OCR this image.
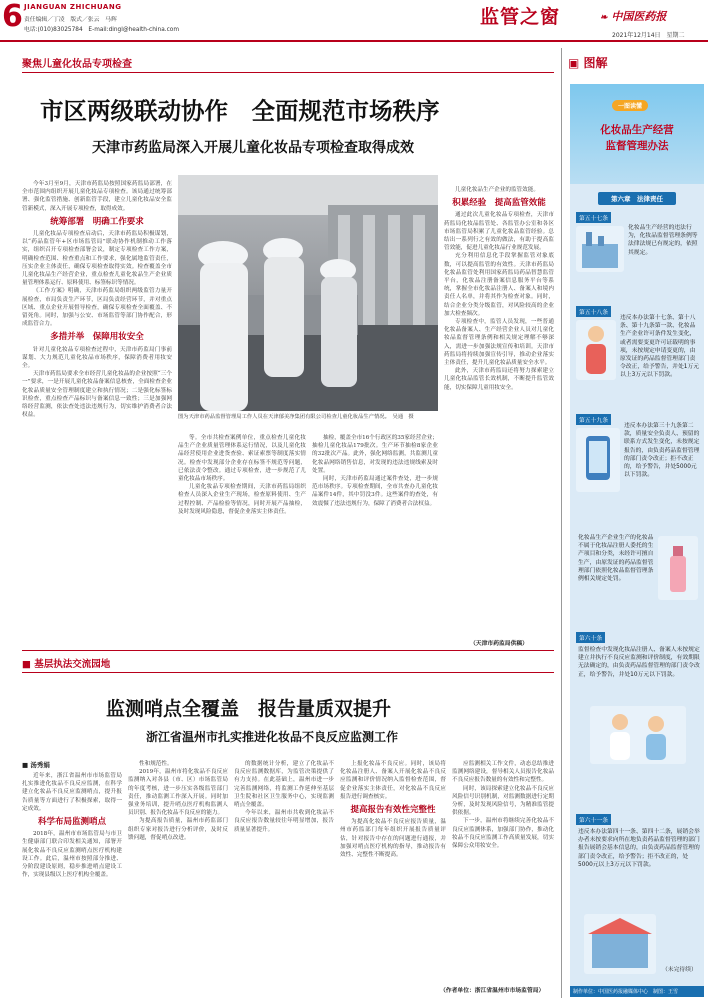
6 JIANGUAN ZHICHUANG
责任编辑／丁凌　版式／张云　马辉
电话:(010)83025784　E-mail:dingl@health-china.com
监管之窗	❧ 中国医药报
2021年12月14日　星期二
聚焦儿童化妆品专项检查
市区两级联动协作　全面规范市场秩序
天津市药监局深入开展儿童化妆品专项检查取得成效

今年3月至9月，天津市药监局按照国家药监局部署，在全市范围内组织开展儿童化妆品专项检查。该局通过统筹部署、强化监管措施、创新监管手段，建立儿童化妆品安全监管新模式，深入开展专项检查，取得成效。

统筹部署　明确工作要求

儿童化妆品专项检查启动后，天津市药监局积极谋划，以“药品监管年+区市场监管局”联动协作机制推动工作落实，组织召开专项检查部署会议，制定专项检查工作方案，明确检查范围、检查重点和工作要求，强化属地监管责任，压实企业主体责任，确保专项检查取得实效。检查覆盖全市儿童化妆品生产经营企业，重点检查儿童化妆品生产企业质量管理体系运行、原料使用、标签标识等情况。

《工作方案》明确，天津市药监局组织两级监管力量开展检查，市局负责生产环节，区局负责经营环节，并对重点区域、重点企业开展督导检查，确保专项检查全面覆盖、不留死角。同时，加强与公安、市场监管等部门协作配合，形成监管合力。

多措并举　保障用妆安全

针对儿童化妆品专项检查过程中，天津市药监局门事前谋划、大力规范儿童化妆品市场秩序，保障消费者用妆安全。

天津市药监局要求全市经营儿童化妆品的企业按照“三个一”要求，一是开展儿童化妆品备案信息核查，全面检查企业化妆品质量安全管理制度建立和执行情况；二是强化标签标识检查，重点检查产品标识与备案信息一致性；三是加强网络经营监测，依法查处违法违规行为，切实维护消费者合法权益。	图为天津市药品监督管理局工作人员在天津郁美净集团有限公司检查儿童化妆品生产情况。　吴通　摄

等。全市共检查案例单位，重点检查儿童化妆品生产企业质量管理体系运行情况，以及儿童化妆品经营使用企业进货查验、索证索票等制度落实情况。检查中发现部分企业存在标签不规范等问题，已依法责令整改。通过专项检查，进一步规范了儿童化妆品市场秩序。

儿童化妆品专项检查期间，天津市药监局组织检查人员深入企业生产现场，检查原料使用、生产过程控制、产品检验等情况，同时开展产品抽检，及时发现风险隐患，督促企业落实主体责任。

抽检，覆盖全市16个行政区的35家经营企业；抽检儿童化妆品179批次。生产环节抽检8家企业的32批次产品。此外，强化网络监测，共监测儿童化妆品网络销售信息，对发现的违法违规线索及时处置。

同时，天津市药监局通过案件查处，进一步规范市场秩序。专项检查期间，全市共查办儿童化妆品案件14件，其中罚没3件。这些案件的查处，有效震慑了违法违规行为，保障了消费者合法权益。

儿童化妆品生产企业的监管效能。

积累经验　提高监管效能

通过此次儿童化妆品专项检查，天津市药监局化妆品监管处、各监管办公室和各区市场监管局积累了儿童化妆品监管经验。总结出一系列行之有效的做法，有助于提高监管效能，促进儿童化妆品行业规范发展。

充分利用信息化手段掌握监管对象底数，可以提高监管的有效性。天津市药监局化妆品监管处利用国家药监局药品智慧监管平台，化妆品注册备案信息服务平台等系统，掌握全市化妆品注册人、备案人和境内责任人名单，并将其作为检查对象。同时，结合企业分类分级监管，对风险较高的企业加大检查频次。

专项检查中，监管人员发现，一些普通化妆品备案人、生产经营企业人员对儿童化妆品监督管理条例和相关规定理解不够深入，需进一步加强法规宣传和培训。天津市药监局将持续加强宣传引导，推动企业落实主体责任，提升儿童化妆品质量安全水平。

此外，天津市药监局还将努力探索建立儿童化妆品监管长效机制，不断提升监管效能，切实保障儿童用妆安全。

（天津市药监局供稿）
■ 基层执法交流园地
监测哨点全覆盖　报告量质双提升
浙江省温州市扎实推进化妆品不良反应监测工作
■ 汤秀娟

近年来，浙江省温州市市场监管局扎实推进化妆品不良反应监测，在科学建立化妆品不良反应监测哨点，提升报告质量等方面进行了积极探索，取得一定成效。

科学布局监测哨点

2018年，温州市市场监管局与市卫生健康部门联合印发相关通知，部署开展化妆品不良反应监测哨点医疗机构建设工作。此后，温州市按照部分推进、分阶段建设原则，稳步推进哨点建设工作，实现县级以上医疗机构全覆盖。

性和规范性。

2019年，温州市将化妆品不良反应监测纳入对各县（市、区）市场监管局的年度考核，进一步压实各级监管部门责任，推动监测工作深入开展。同时加强业务培训，提升哨点医疗机构监测人员识别、报告化妆品不良反应的能力。

为提高报告质量，温州市药监部门组织专家对报告进行分析评价，及时反馈问题，督促哨点改进。

的数据统计分析，建立了化妆品不良反应监测数据库，为监管决策提供了有力支持。在此基础上，温州市进一步完善监测网络，将监测工作延伸至基层卫生院和社区卫生服务中心，实现监测哨点全覆盖。

今年以来，温州市共收到化妆品不良反应报告数量较往年明显增加，报告质量显著提升。

上报化妆品不良反应。同时，该局将化妆品注册人、备案人开展化妆品不良反应监测和评价情况纳入监督检查范围，督促企业落实主体责任，对化妆品不良反应报告进行调查核实。

提高报告有效性完整性

为提高化妆品不良反应报告质量，温州市药监部门每年组织开展报告质量评估，针对报告中存在的问题进行通报，并加强对哨点医疗机构的指导，推动报告有效性、完整性不断提高。

应监测相关工作文件，动态总结推进监测网络建设，督导相关人员报告化妆品不良反应报告数量的有效性和完整性。

同时，该局探索建立化妆品不良反应风险信号识别机制，对监测数据进行定期分析，及时发现风险信号，为精准监管提供依据。

下一步，温州市将继续完善化妆品不良反应监测体系，加强部门协作，推动化妆品不良反应监测工作高质量发展，切实保障公众用妆安全。

（作者单位：浙江省温州市市场监管局）
▣ 图解
一图读懂
化妆品生产经营
监督管理办法
第六章　法律责任
第五十七条
化妆品生产经营的违法行为，化妆品监督管理条例等法律法规已有规定的，依照其规定。
第五十八条
违反本办法第十七条、第十八条、第十九条第一款、化妆品生产企业许可条件发生变化，或者需要变更许可证载明的事项，未按规定申请变更的，由原发证的药品监督管理部门责令改正，给予警告，并处1万元以上3万元以下罚款。
第五十九条
违反本办法第三十九条第二款，质量安全负责人、预留的联系方式发生变化，未按规定报告的，由负责药品监督管理的部门责令改正；拒不改正的，给予警告，并处5000元以下罚款。
化妆品生产企业生产的化妆品不属于化妆品注册人委托的生产项目和分类，未经许可擅自生产，由原发证的药品监督管理部门依照化妆品监督管理条例相关规定处罚。
第六十条
监督检查中发现化妆品注册人、备案人未按规定建立并执行不良反应监测和评价制度，有效期限无法确定的，由负责药品监督管理的部门责令改正，给予警告，并处10万元以下罚款。
第六十一条
违反本办法第四十一条、第四十二条，展销会举办者未按要求向所在地负责药品监督管理的部门报告展销会基本信息的，由负责药品监督管理的部门责令改正，给予警告；拒不改正的，处5000元以上3万元以下罚款。
（未完待续）
制作单位：中国医药报融媒体中心　制图：王雪
